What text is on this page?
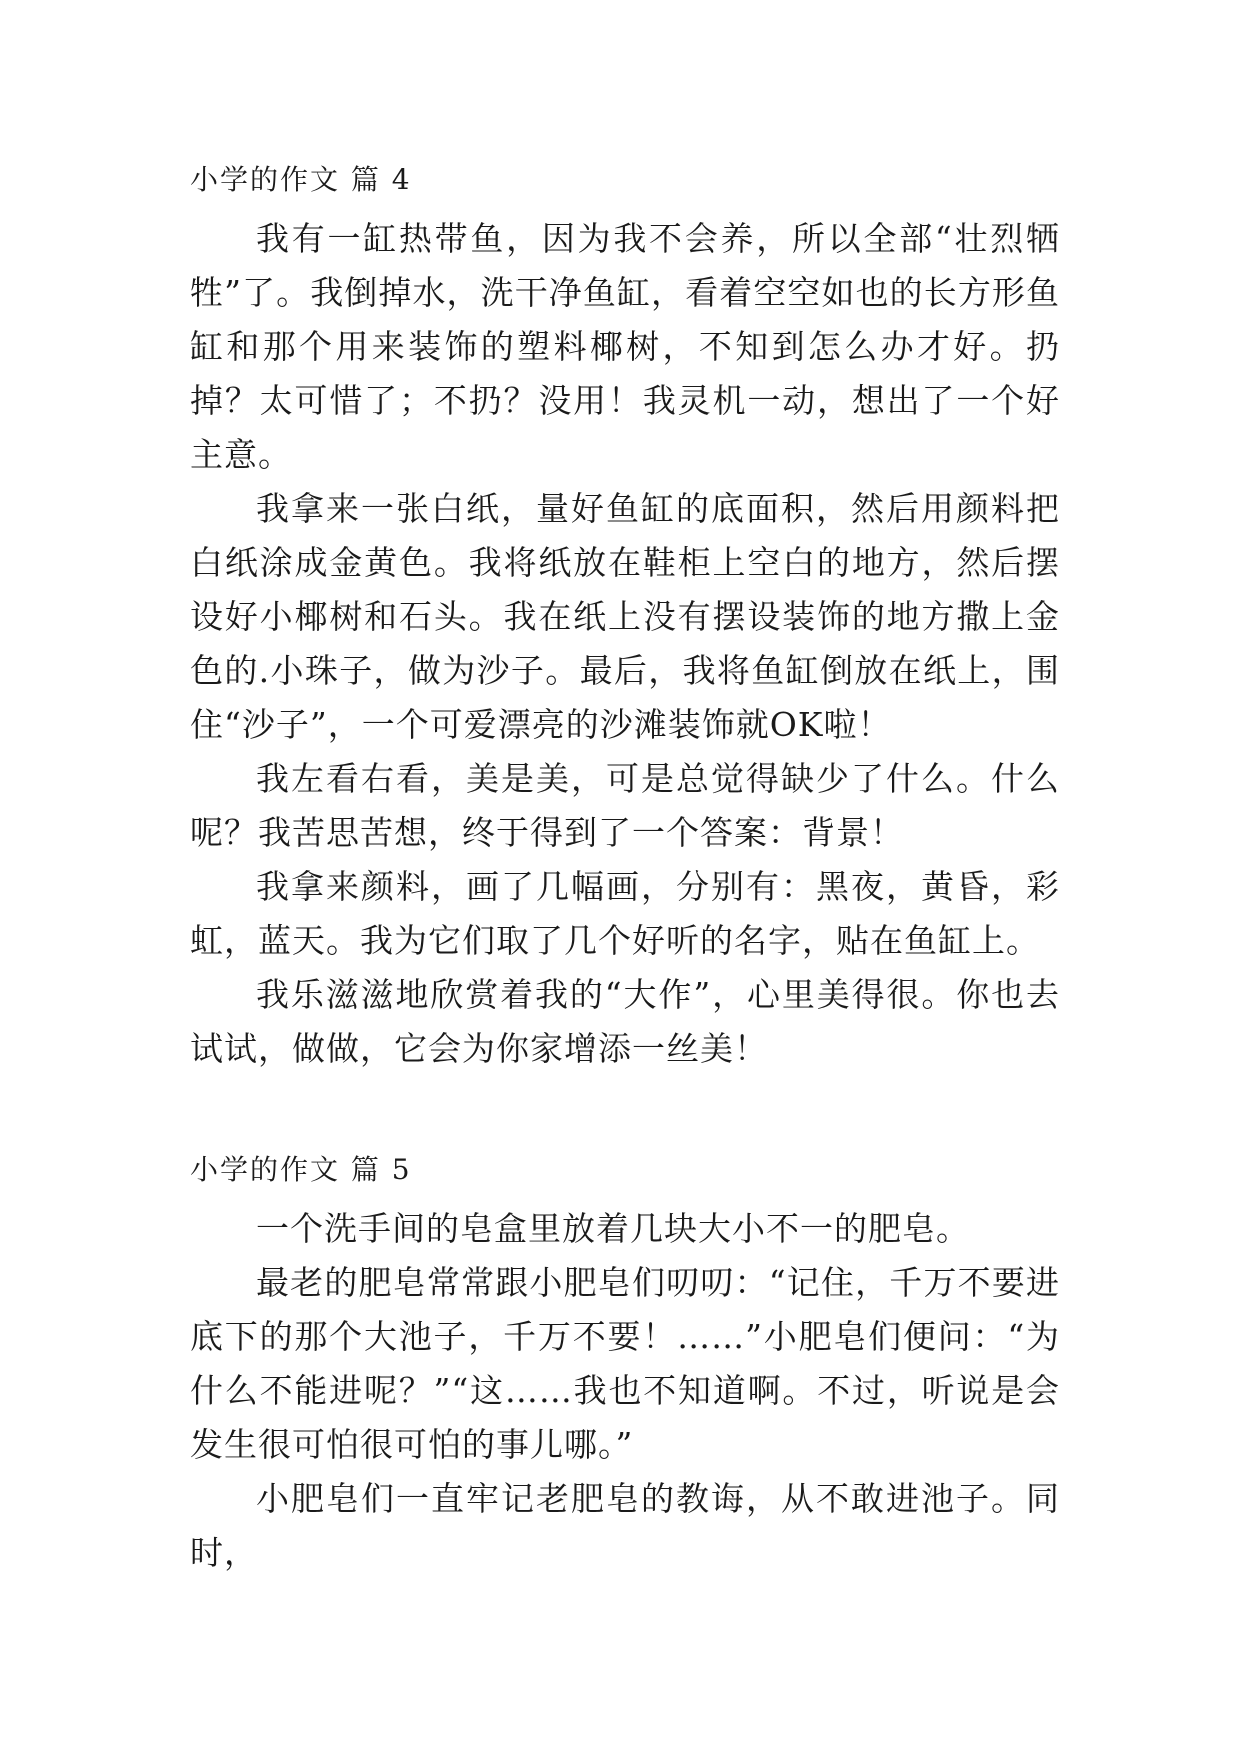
小学的作文 篇 4

我有一缸热带鱼，因为我不会养，所以全部“壮烈牺牲”了。我倒掉水，洗干净鱼缸，看着空空如也的长方形鱼缸和那个用来装饰的塑料椰树，不知到怎么办才好。扔掉？太可惜了；不扔？没用！我灵机一动，想出了一个好主意。

我拿来一张白纸，量好鱼缸的底面积，然后用颜料把白纸涂成金黄色。我将纸放在鞋柜上空白的地方，然后摆设好小椰树和石头。我在纸上没有摆设装饰的地方撒上金色的.小珠子，做为沙子。最后，我将鱼缸倒放在纸上，围住“沙子”，一个可爱漂亮的沙滩装饰就OK啦！

我左看右看，美是美，可是总觉得缺少了什么。什么呢？我苦思苦想，终于得到了一个答案：背景！

我拿来颜料，画了几幅画，分别有：黑夜，黄昏，彩虹，蓝天。我为它们取了几个好听的名字，贴在鱼缸上。

我乐滋滋地欣赏着我的“大作”，心里美得很。你也去试试，做做，它会为你家增添一丝美！

小学的作文 篇 5

一个洗手间的皂盒里放着几块大小不一的肥皂。

最老的肥皂常常跟小肥皂们叨叨：“记住，千万不要进底下的那个大池子，千万不要！……”小肥皂们便问：“为什么不能进呢？”“这……我也不知道啊。不过，听说是会发生很可怕很可怕的事儿哪。”

小肥皂们一直牢记老肥皂的教诲，从不敢进池子。同时，
